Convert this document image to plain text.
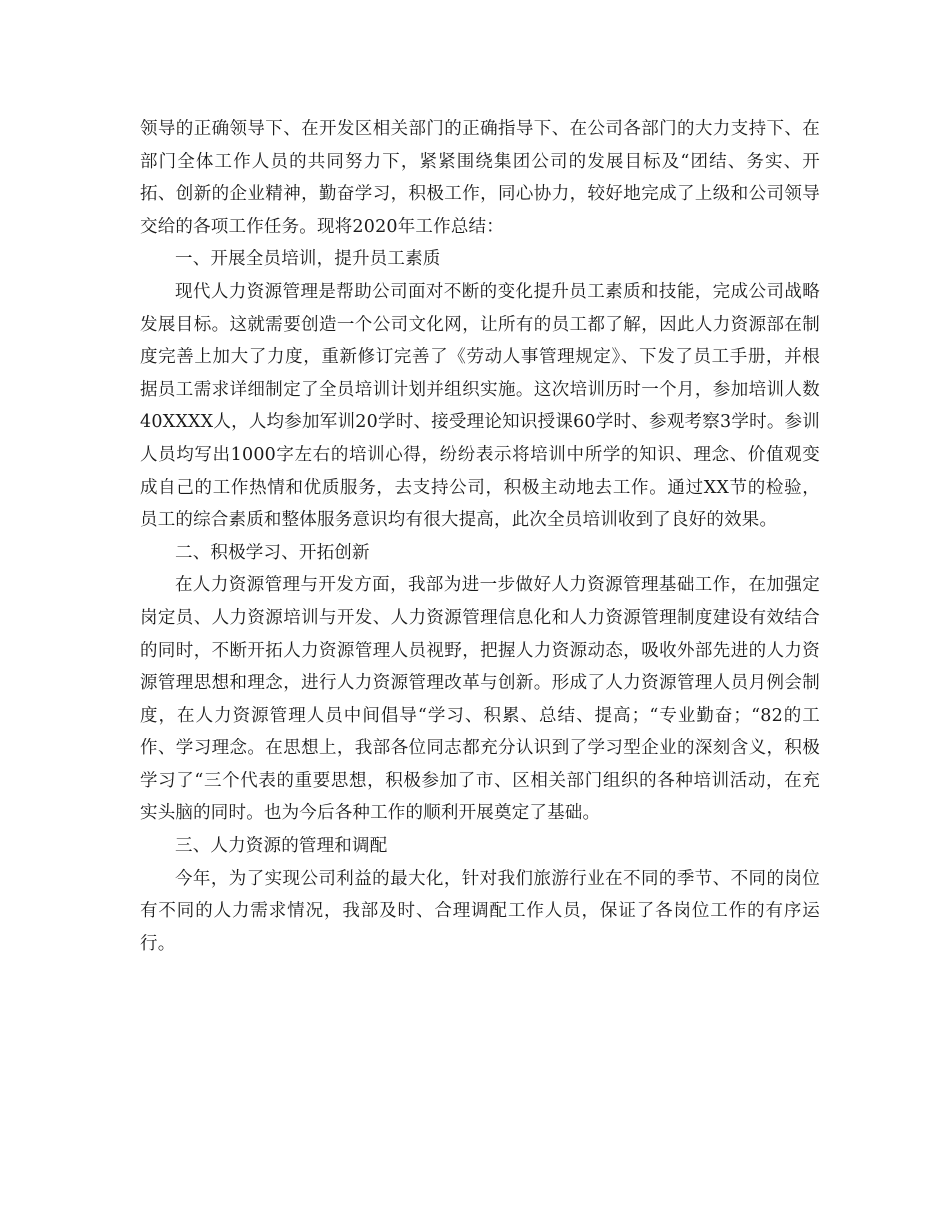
领导的正确领导下、在开发区相关部门的正确指导下、在公司各部门的大力支持下、在部门全体工作人员的共同努力下，紧紧围绕集团公司的发展目标及“团结、务实、开拓、创新的企业精神，勤奋学习，积极工作，同心协力，较好地完成了上级和公司领导交给的各项工作任务。现将2020年工作总结：

一、开展全员培训，提升员工素质

现代人力资源管理是帮助公司面对不断的变化提升员工素质和技能，完成公司战略发展目标。这就需要创造一个公司文化网，让所有的员工都了解，因此人力资源部在制度完善上加大了力度，重新修订完善了《劳动人事管理规定》、下发了员工手册，并根据员工需求详细制定了全员培训计划并组织实施。这次培训历时一个月，参加培训人数40XXXX人，人均参加军训20学时、接受理论知识授课60学时、参观考察3学时。参训人员均写出1000字左右的培训心得，纷纷表示将培训中所学的知识、理念、价值观变成自己的工作热情和优质服务，去支持公司，积极主动地去工作。通过XX节的检验，员工的综合素质和整体服务意识均有很大提高，此次全员培训收到了良好的效果。

二、积极学习、开拓创新

在人力资源管理与开发方面，我部为进一步做好人力资源管理基础工作，在加强定岗定员、人力资源培训与开发、人力资源管理信息化和人力资源管理制度建设有效结合的同时，不断开拓人力资源管理人员视野，把握人力资源动态，吸收外部先进的人力资源管理思想和理念，进行人力资源管理改革与创新。形成了人力资源管理人员月例会制度，在人力资源管理人员中间倡导“学习、积累、总结、提高；“专业勤奋；“82的工作、学习理念。在思想上，我部各位同志都充分认识到了学习型企业的深刻含义，积极学习了“三个代表的重要思想，积极参加了市、区相关部门组织的各种培训活动，在充实头脑的同时。也为今后各种工作的顺利开展奠定了基础。

三、人力资源的管理和调配

今年，为了实现公司利益的最大化，针对我们旅游行业在不同的季节、不同的岗位有不同的人力需求情况，我部及时、合理调配工作人员，保证了各岗位工作的有序运行。
